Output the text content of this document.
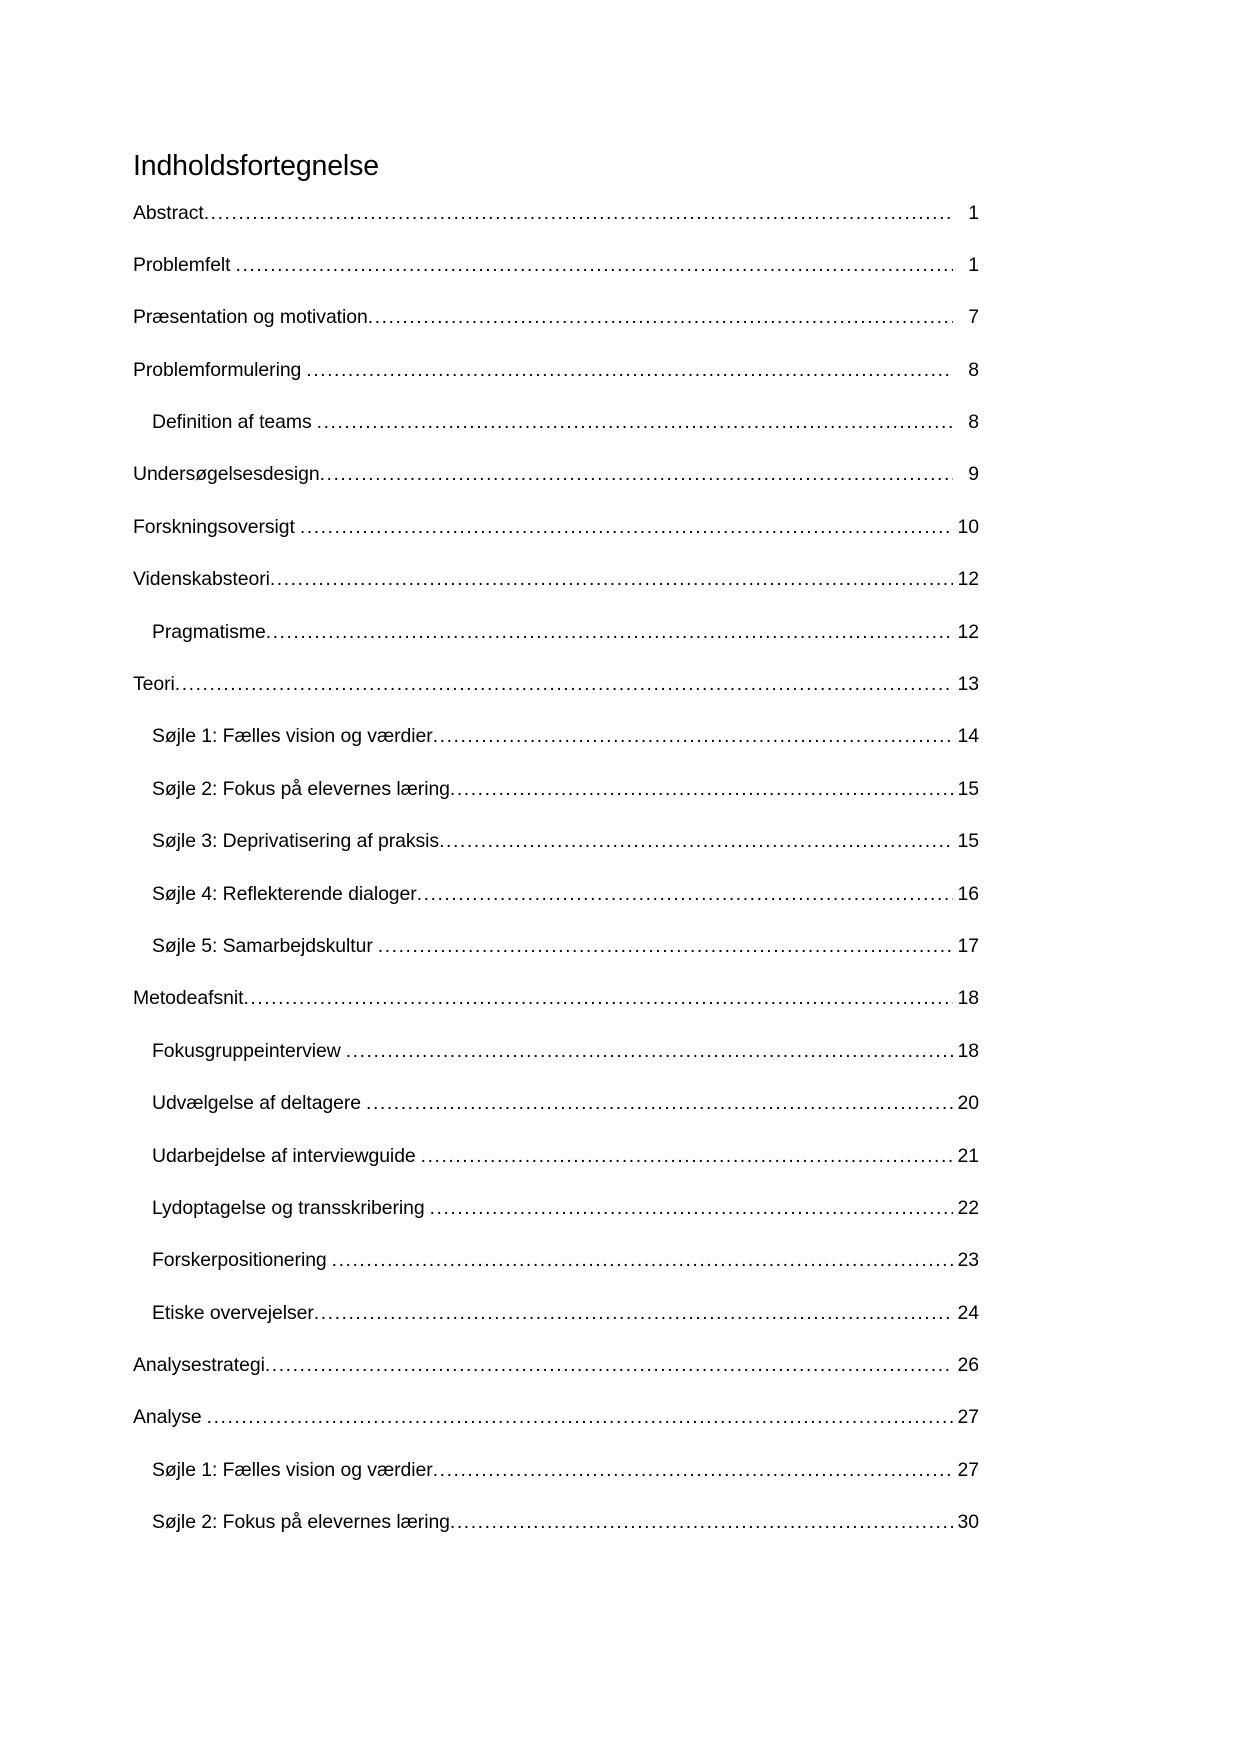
Indholdsfortegnelse
Abstract .....	1
Problemfelt .....	1
Præsentation og motivation .....	7
Problemformulering .....	8
Definition af teams .....	8
Undersøgelsesdesign .....	9
Forskningsoversigt .....	10
Videnskabsteori .....	12
Pragmatisme .....	12
Teori .....	13
Søjle 1: Fælles vision og værdier .....	14
Søjle 2: Fokus på elevernes læring .....	15
Søjle 3: Deprivatisering af praksis .....	15
Søjle 4: Reflekterende dialoger .....	16
Søjle 5: Samarbejdskultur .....	17
Metodeafsnit .....	18
Fokusgruppeinterview .....	18
Udvælgelse af deltagere .....	20
Udarbejdelse af interviewguide .....	21
Lydoptagelse og transskribering .....	22
Forskerpositionering .....	23
Etiske overvejelser .....	24
Analysestrategi .....	26
Analyse .....	27
Søjle 1: Fælles vision og værdier .....	27
Søjle 2: Fokus på elevernes læring .....	30
